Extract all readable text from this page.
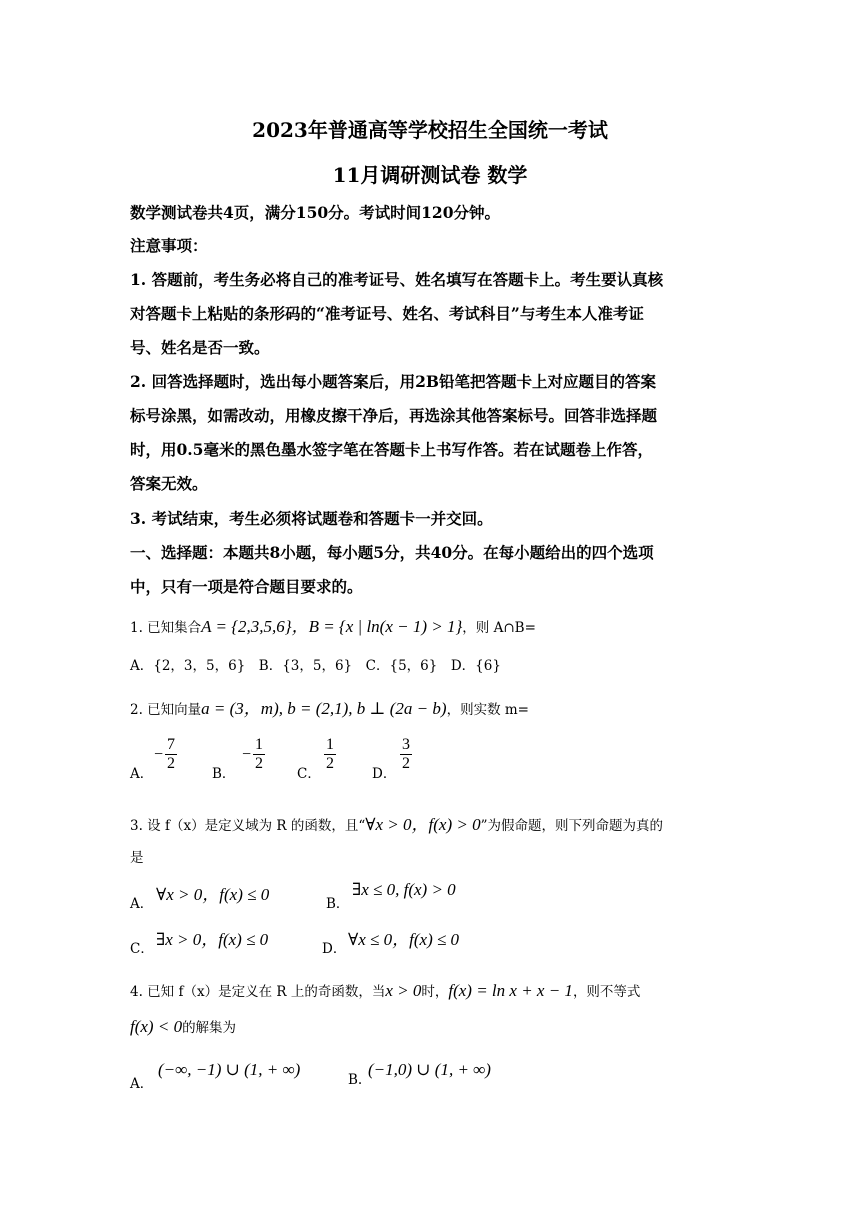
2023年普通高等学校招生全国统一考试
11月调研测试卷 数学
数学测试卷共4页，满分150分。考试时间120分钟。
注意事项：
1. 答题前，考生务必将自己的准考证号、姓名填写在答题卡上。考生要认真核
对答题卡上粘贴的条形码的“准考证号、姓名、考试科目”与考生本人准考证
号、姓名是否一致。
2. 回答选择题时，选出每小题答案后，用2B铅笔把答题卡上对应题目的答案
标号涂黑，如需改动，用橡皮擦干净后，再选涂其他答案标号。回答非选择题
时，用0.5毫米的黑色墨水签字笔在答题卡上书写作答。若在试题卷上作答，
答案无效。
3. 考试结束，考生必须将试题卷和答题卡一并交回。
一、选择题：本题共8小题，每小题5分，共40分。在每小题给出的四个选项
中，只有一项是符合题目要求的。
1. 已知集合A = {2,3,5,6}，B = {x | ln(x − 1) > 1}，则 A∩B=
A．{2，3，5，6}　B．{3，5，6}　C．{5，6}　D．{6}
2. 已知向量a = (3，m), b = (2,1), b ⊥ (2a − b)，则实数 m=
A．
− $\frac{7}{2}$
B．
− $\frac{1}{2}$
C．
$\frac{1}{2}$
D．
$\frac{3}{2}$
3. 设 f（x）是定义域为 R 的函数，且“∀x > 0，f(x) > 0”为假命题，则下列命题为真的
是
A． ∀x > 0，f(x) ≤ 0	B．
∃x ≤ 0, f(x) > 0
C． ∃x > 0，f(x) ≤ 0	D． ∀x ≤ 0，f(x) ≤ 0
4. 已知 f（x）是定义在 R 上的奇函数，当x > 0时，f(x) = ln x + x − 1，则不等式
f(x) < 0的解集为
A．
(−∞, −1) ∪ (1, + ∞)
B.
(−1,0) ∪ (1, + ∞)
